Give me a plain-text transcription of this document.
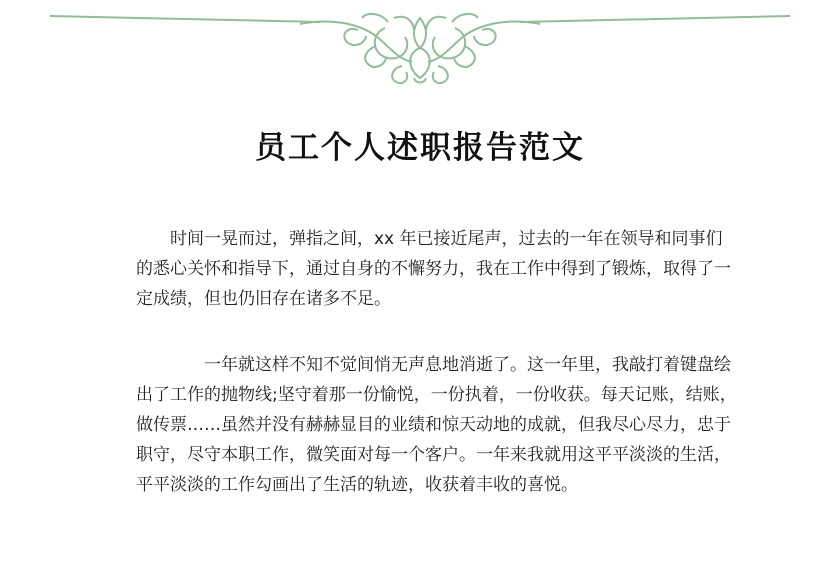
员工个人述职报告范文
时间一晃而过，弹指之间，xx 年已接近尾声，过去的一年在领导和同事们
的悉心关怀和指导下，通过自身的不懈努力，我在工作中得到了锻炼，取得了一
定成绩，但也仍旧存在诸多不足。
一年就这样不知不觉间悄无声息地消逝了。这一年里，我敲打着键盘绘
出了工作的抛物线;坚守着那一份愉悦，一份执着，一份收获。每天记账，结账，
做传票……虽然并没有赫赫显目的业绩和惊天动地的成就，但我尽心尽力，忠于
职守，尽守本职工作，微笑面对每一个客户。一年来我就用这平平淡淡的生活，
平平淡淡的工作勾画出了生活的轨迹，收获着丰收的喜悦。
